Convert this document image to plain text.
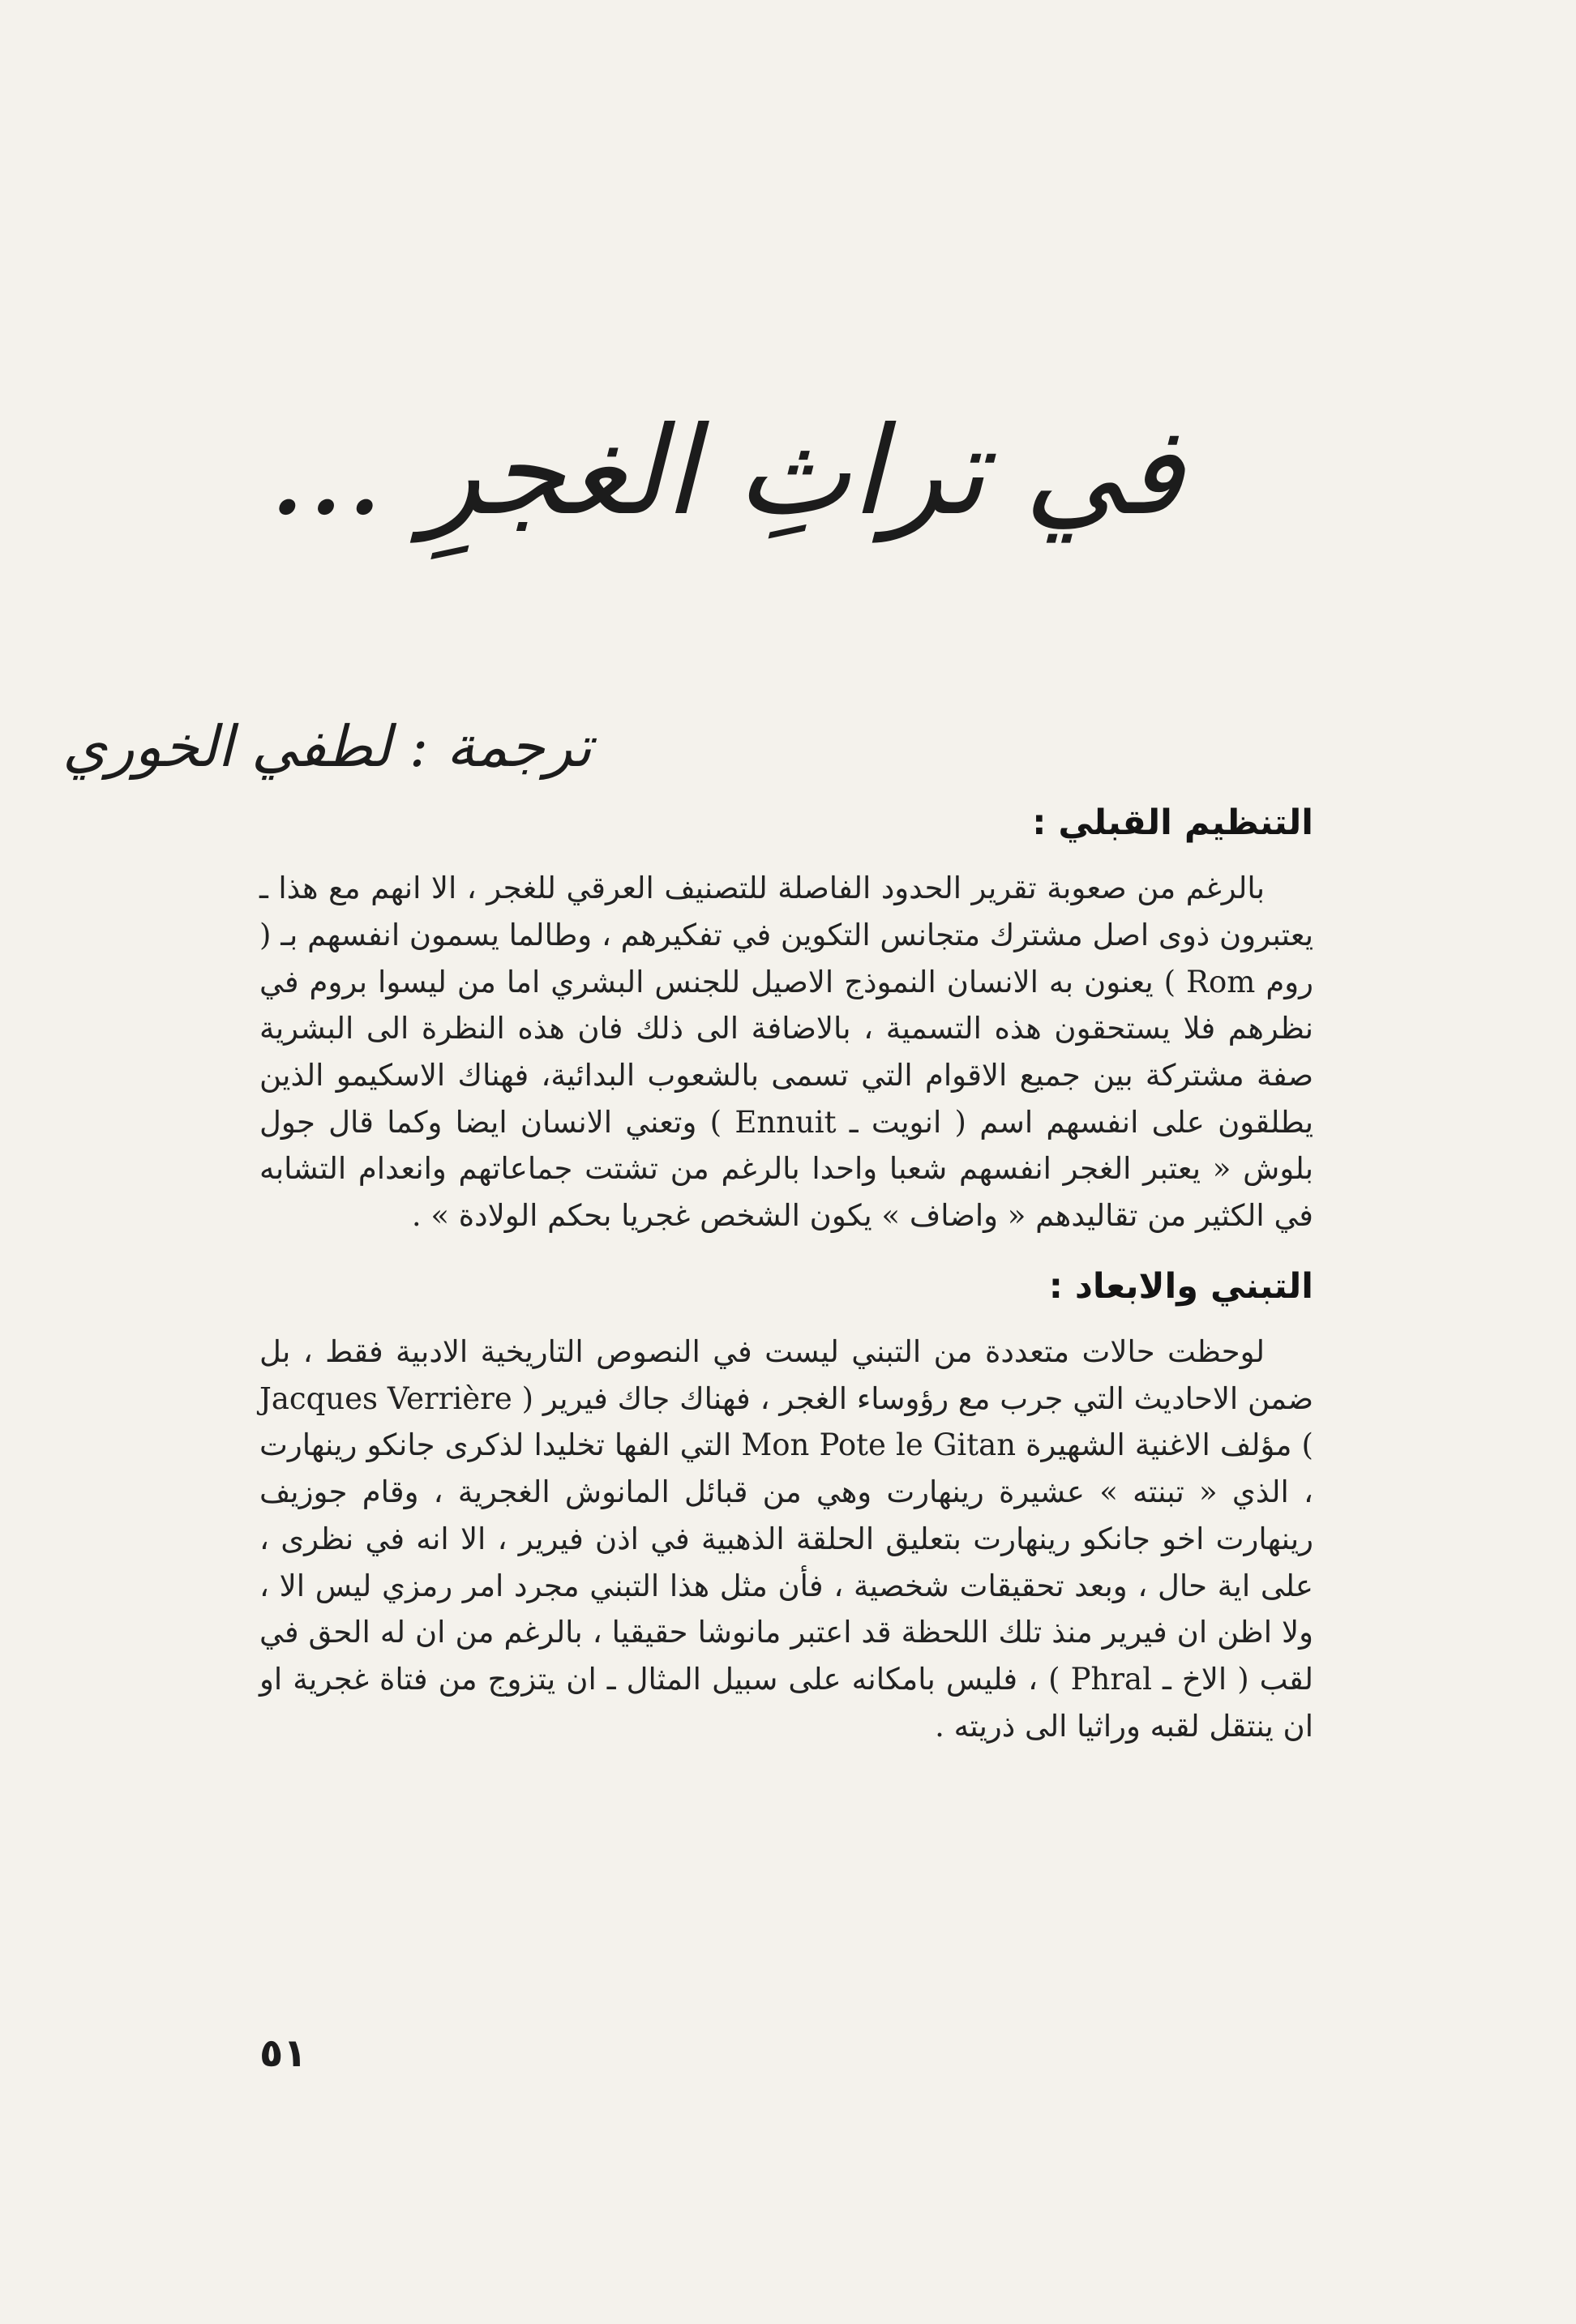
في تراثِ الغجرِ ...
ترجمة : لطفي الخوري
التنظيم القبلي :

بالرغم من صعوبة تقرير الحدود الفاصلة للتصنيف العرقي للغجر ، الا انهم مع هذا ـ يعتبرون ذوى اصل مشترك متجانس التكوين في تفكيرهم ، وطالما يسمون انفسهم بـ ( روم Rom ) يعنون به الانسان النموذج الاصيل للجنس البشري اما من ليسوا بروم في نظرهم فلا يستحقون هذه التسمية ، بالاضافة الى ذلك فان هذه النظرة الى البشرية صفة مشتركة بين جميع الاقوام التي تسمى بالشعوب البدائية، فهناك الاسكيمو الذين يطلقون على انفسهم اسم ( انويت ـ Ennuit ) وتعني الانسان ايضا وكما قال جول بلوش « يعتبر الغجر انفسهم شعبا واحدا بالرغم من تشتت جماعاتهم وانعدام التشابه في الكثير من تقاليدهم « واضاف » يكون الشخص غجريا بحكم الولادة » .

التبني والابعاد :

لوحظت حالات متعددة من التبني ليست في النصوص التاريخية الادبية فقط ، بل ضمن الاحاديث التي جرب مع رؤوساء الغجر ، فهناك جاك فيرير ( Jacques Verrière ) مؤلف الاغنية الشهيرة Mon Pote le Gitan التي الفها تخليدا لذكرى جانكو رينهارت ، الذي « تبنته » عشيرة رينهارت وهي من قبائل المانوش الغجرية ، وقام جوزيف رينهارت اخو جانكو رينهارت بتعليق الحلقة الذهبية في اذن فيرير ، الا انه في نظرى ، على اية حال ، وبعد تحقيقات شخصية ، فأن مثل هذا التبني مجرد امر رمزي ليس الا ، ولا اظن ان فيرير منذ تلك اللحظة قد اعتبر مانوشا حقيقيا ، بالرغم من ان له الحق في لقب ( الاخ ـ Phral ) ، فليس بامكانه على سبيل المثال ـ ان يتزوج من فتاة غجرية او ان ينتقل لقبه وراثيا الى ذريته .

٥١
